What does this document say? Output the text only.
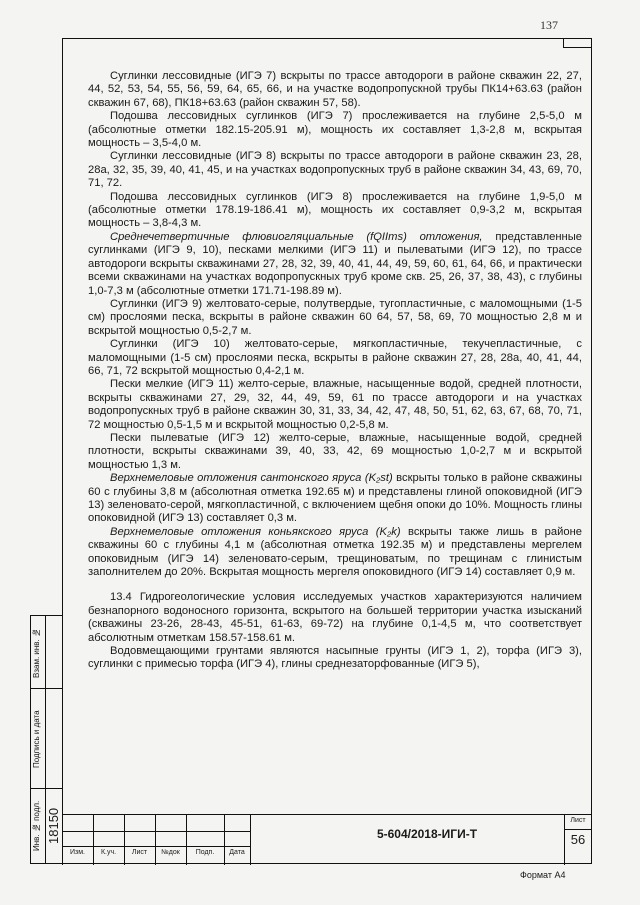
137

Суглинки лессовидные (ИГЭ 7) вскрыты по трассе автодороги в районе скважин 22, 27, 44, 52, 53, 54, 55, 56, 59, 64, 65, 66, и на участке водопропускной трубы ПК14+63.63 (район скважин 67, 68), ПК18+63.63 (район скважин 57, 58).

Подошва лессовидных суглинков (ИГЭ 7) прослеживается на глубине 2,5-5,0 м (абсолютные отметки 182.15-205.91 м), мощность их составляет 1,3-2,8 м, вскрытая мощность – 3,5-4,0 м.

Суглинки лессовидные (ИГЭ 8) вскрыты по трассе автодороги в районе скважин 23, 28, 28а, 32, 35, 39, 40, 41, 45, и на участках водопропускных труб в районе скважин 34, 43, 69, 70, 71, 72.

Подошва лессовидных суглинков (ИГЭ 8) прослеживается на глубине 1,9-5,0 м (абсолютные отметки 178.19-186.41 м), мощность их составляет 0,9-3,2 м, вскрытая мощность – 3,8-4,3 м.

Среднечетвертичные флювиогляциальные (fQIIms) отложения, представленные суглинками (ИГЭ 9, 10), песками мелкими (ИГЭ 11) и пылеватыми (ИГЭ 12), по трассе автодороги вскрыты скважинами 27, 28, 32, 39, 40, 41, 44, 49, 59, 60, 61, 64, 66, и практически всеми скважинами на участках водопропускных труб кроме скв. 25, 26, 37, 38, 43), с глубины 1,0-7,3 м (абсолютные отметки 171.71-198.89 м).

Суглинки (ИГЭ 9) желтовато-серые, полутвердые, тугопластичные, с маломощными (1-5 см) прослоями песка, вскрыты в районе скважин 60 64, 57, 58, 69, 70 мощностью 2,8 м и вскрытой мощностью 0,5-2,7 м.

Суглинки (ИГЭ 10) желтовато-серые, мягкопластичные, текучепластичные, с маломощными (1-5 см) прослоями песка, вскрыты в районе скважин 27, 28, 28а, 40, 41, 44, 66, 71, 72 вскрытой мощностью 0,4-2,1 м.

Пески мелкие (ИГЭ 11) желто-серые, влажные, насыщенные водой, средней плотности, вскрыты скважинами 27, 29, 32, 44, 49, 59, 61 по трассе автодороги и на участках водопропускных труб в районе скважин 30, 31, 33, 34, 42, 47, 48, 50, 51, 62, 63, 67, 68, 70, 71, 72 мощностью 0,5-1,5 м и вскрытой мощностью 0,2-5,8 м.

Пески пылеватые (ИГЭ 12) желто-серые, влажные, насыщенные водой, средней плотности, вскрыты скважинами 39, 40, 33, 42, 69 мощностью 1,0-2,7 м и вскрытой мощностью 1,3 м.

Верхнемеловые отложения сантонского яруса (K₂st) вскрыты только в районе скважины 60 с глубины 3,8 м (абсолютная отметка 192.65 м) и представлены глиной опоковидной (ИГЭ 13) зеленовато-серой, мягкопластичной, с включением щебня опоки до 10%. Мощность глины опоковидной (ИГЭ 13) составляет 0,3 м.

Верхнемеловые отложения коньякского яруса (K₂k) вскрыты также лишь в районе скважины 60 с глубины 4,1 м (абсолютная отметка 192.35 м) и представлены мергелем опоковидным (ИГЭ 14) зеленовато-серым, трещиноватым, по трещинам с глинистым заполнителем до 20%. Вскрытая мощность мергеля опоковидного (ИГЭ 14) составляет 0,9 м.

13.4 Гидрогеологические условия исследуемых участков характеризуются наличием безнапорного водоносного горизонта, вскрытого на большей территории участка изысканий (скважины 23-26, 28-43, 45-51, 61-63, 69-72) на глубине 0,1-4,5 м, что соответствует абсолютным отметкам 158.57-158.61 м.

Водовмещающими грунтами являются насыпные грунты (ИГЭ 1, 2), торфа (ИГЭ 3), суглинки с примесью торфа (ИГЭ 4), глины среднезаторфованные (ИГЭ 5),

Взам. инв. №
Подпись и дата
Инв. № подл. 18150
Изм.	К.уч.	Лист	№док	Подп.	Дата
5-604/2018-ИГИ-Т
Лист
56
Формат А4
